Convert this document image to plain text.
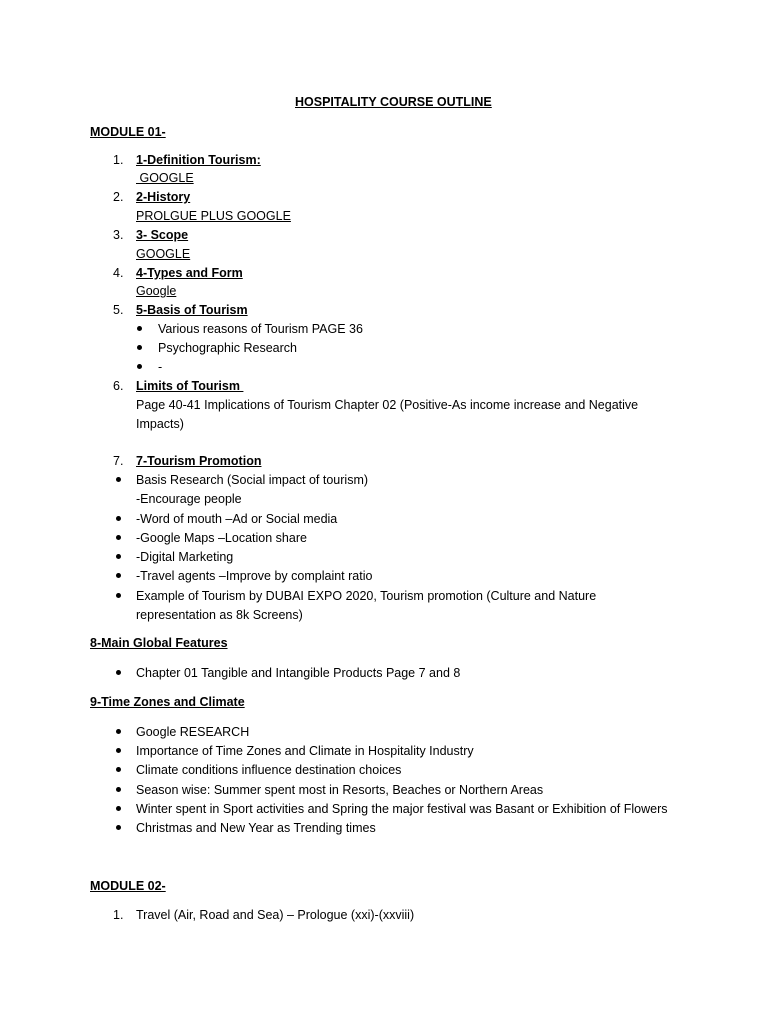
HOSPITALITY COURSE OUTLINE
MODULE 01-
1. 1-Definition Tourism:
GOOGLE
2. 2-History
PROLGUE PLUS GOOGLE
3. 3- Scope
GOOGLE
4. 4-Types and Form
Google
5. 5-Basis of Tourism
Various reasons of Tourism PAGE 36
Psychographic Research
-
6. Limits of Tourism
Page 40-41 Implications of Tourism Chapter 02 (Positive-As income increase and Negative
Impacts)
7. 7-Tourism Promotion
Basis Research (Social impact of tourism)
-Encourage people
-Word of mouth –Ad or Social media
-Google Maps –Location share
-Digital Marketing
-Travel agents –Improve by complaint ratio
Example of Tourism by DUBAI EXPO 2020, Tourism promotion (Culture and Nature
representation as 8k Screens)
8-Main Global Features
Chapter 01 Tangible and Intangible Products Page 7 and 8
9-Time Zones and Climate
Google RESEARCH
Importance of Time Zones and Climate in Hospitality Industry
Climate conditions influence destination choices
Season wise: Summer spent most in Resorts, Beaches or Northern Areas
Winter spent in Sport activities and Spring the major festival was Basant or Exhibition of Flowers
Christmas and New Year as Trending times
MODULE 02-
1. Travel (Air, Road and Sea) – Prologue (xxi)-(xxviii)
